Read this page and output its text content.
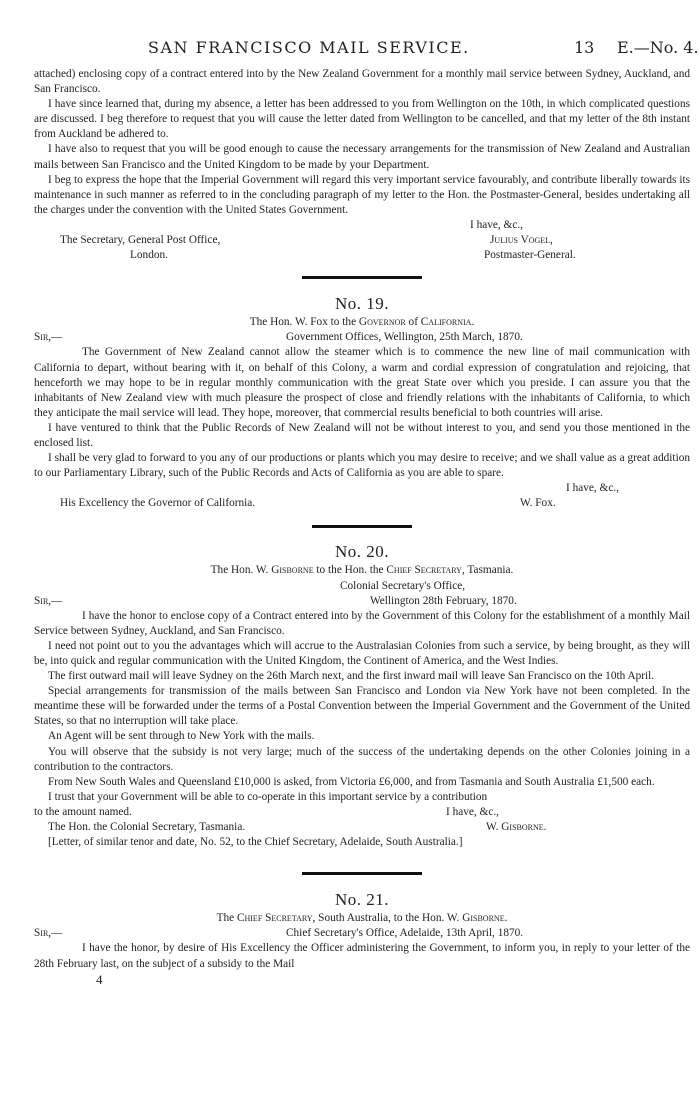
SAN FRANCISCO MAIL SERVICE.	13 E.—No. 4.

attached) enclosing copy of a contract entered into by the New Zealand Government for a monthly mail service between Sydney, Auckland, and San Francisco.

I have since learned that, during my absence, a letter has been addressed to you from Wellington on the 10th, in which complicated questions are discussed. I beg therefore to request that you will cause the letter dated from Wellington to be cancelled, and that my letter of the 8th instant from Auckland be adhered to.

I have also to request that you will be good enough to cause the necessary arrangements for the transmission of New Zealand and Australian mails between San Francisco and the United Kingdom to be made by your Department.

I beg to express the hope that the Imperial Government will regard this very important service favourably, and contribute liberally towards its maintenance in such manner as referred to in the concluding paragraph of my letter to the Hon. the Postmaster-General, besides undertaking all the charges under the convention with the United States Government.

I have, &c.,
The Secretary, General Post Office,	Julius Vogel,
London.	Postmaster-General.
No. 19.
The Hon. W. Fox to the Governor of California.
Sir,—	Government Offices, Wellington, 25th March, 1870.

The Government of New Zealand cannot allow the steamer which is to commence the new line of mail communication with California to depart, without bearing with it, on behalf of this Colony, a warm and cordial expression of congratulation and rejoicing, that henceforth we may hope to be in regular monthly communication with the great State over which you preside. I can assure you that the inhabitants of New Zealand view with much pleasure the prospect of close and friendly relations with the inhabitants of California, to which they anticipate the mail service will lead. They hope, moreover, that commercial results beneficial to both countries will arise.

I have ventured to think that the Public Records of New Zealand will not be without interest to you, and send you those mentioned in the enclosed list.

I shall be very glad to forward to you any of our productions or plants which you may desire to receive; and we shall value as a great addition to our Parliamentary Library, such of the Public Records and Acts of California as you are able to spare.

I have, &c.,
His Excellency the Governor of California.	W. Fox.
No. 20.
The Hon. W. Gisborne to the Hon. the Chief Secretary, Tasmania.
Colonial Secretary's Office,
Sir,—	Wellington 28th February, 1870.

I have the honor to enclose copy of a Contract entered into by the Government of this Colony for the establishment of a monthly Mail Service between Sydney, Auckland, and San Francisco.

I need not point out to you the advantages which will accrue to the Australasian Colonies from such a service, by being brought, as they will be, into quick and regular communication with the United Kingdom, the Continent of America, and the West Indies.

The first outward mail will leave Sydney on the 26th March next, and the first inward mail will leave San Francisco on the 10th April.

Special arrangements for transmission of the mails between San Francisco and London via New York have not been completed. In the meantime these will be forwarded under the terms of a Postal Convention between the Imperial Government and the Government of the United States, so that no interruption will take place.

An Agent will be sent through to New York with the mails.

You will observe that the subsidy is not very large; much of the success of the undertaking depends on the other Colonies joining in a contribution to the contractors.

From New South Wales and Queensland £10,000 is asked, from Victoria £6,000, and from Tasmania and South Australia £1,500 each.

I trust that your Government will be able to co-operate in this important service by a contribution

to the amount named.	I have, &c.,
The Hon. the Colonial Secretary, Tasmania.	W. Gisborne.
[Letter, of similar tenor and date, No. 52, to the Chief Secretary, Adelaide, South Australia.]
No. 21.
The Chief Secretary, South Australia, to the Hon. W. Gisborne.
Sir,—	Chief Secretary's Office, Adelaide, 13th April, 1870.

I have the honor, by desire of His Excellency the Officer administering the Government, to inform you, in reply to your letter of the 28th February last, on the subject of a subsidy to the Mail

4
